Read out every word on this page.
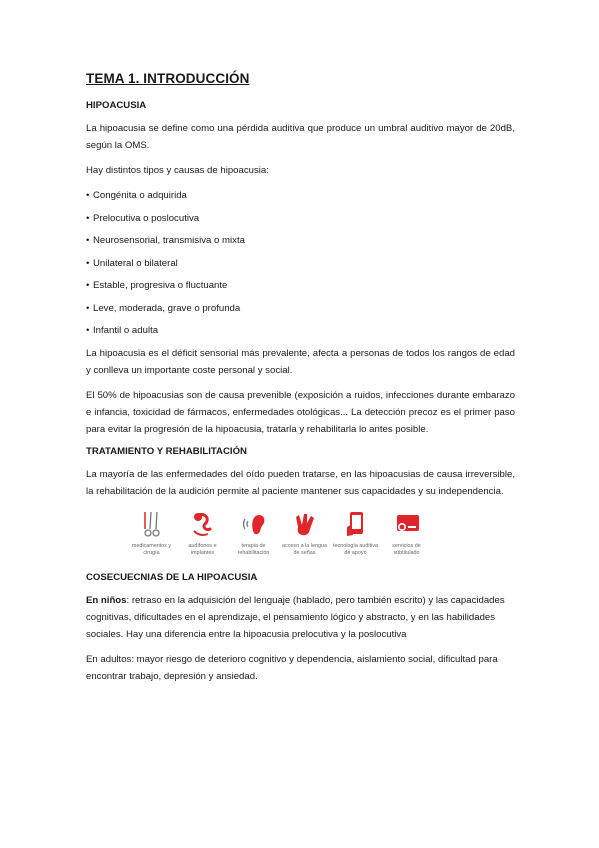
TEMA 1. INTRODUCCIÓN
HIPOACUSIA

La hipoacusia se define como una pérdida auditiva que produce un umbral auditivo mayor de 20dB, según la OMS.

Hay distintos tipos y causas de hipoacusia:

• Congénita o adquirida
• Prelocutiva o poslocutiva
• Neurosensorial, transmisiva o mixta
• Unilateral o bilateral
• Estable, progresiva o fluctuante
• Leve, moderada, grave o profunda
• Infantil o adulta

La hipoacusia es el déficit sensorial más prevalente, afecta a personas de todos los rangos de edad y conlleva un importante coste personal y social.

El 50% de hipoacusias son de causa prevenible (exposición a ruidos, infecciones durante embarazo e infancia, toxicidad de fármacos, enfermedades otológicas... La detección precoz es el primer paso para evitar la progresión de la hipoacusia, tratarla y rehabilitarla lo antes posible.

TRATAMIENTO Y REHABILITACIÓN

La mayoría de las enfermedades del oído pueden tratarse, en las hipoacusias de causa irreversible, la rehabilitación de la audición permite al paciente mantener sus capacidades y su independencia.

medicamentos y cirugía
audífonos e implantes
terapia de rehabilitación
acceso a la lengua de señas
tecnología auditiva de apoyo
servicios de subtitulado
COSECUECNIAS DE LA HIPOACUSIA

En niños: retraso en la adquisición del lenguaje (hablado, pero también escrito) y las capacidades cognitivas, dificultades en el aprendizaje, el pensamiento lógico y abstracto, y en las habilidades sociales. Hay una diferencia entre la hipoacusia prelocutiva y la poslocutiva

En adultos: mayor riesgo de deterioro cognitivo y dependencia, aislamiento social, dificultad para encontrar trabajo, depresión y ansiedad.
